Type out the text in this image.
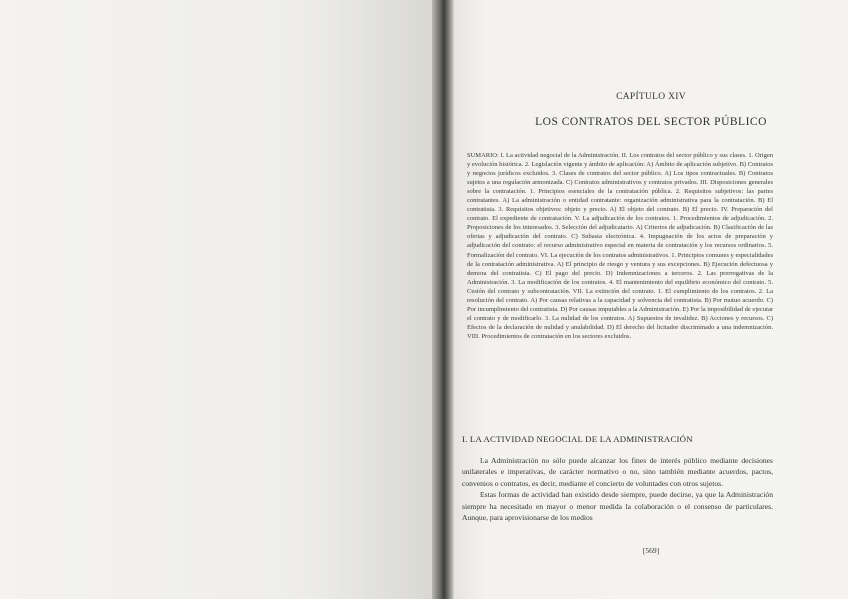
CAPÍTULO XIV
LOS CONTRATOS DEL SECTOR PÚBLICO
SUMARIO: I. La actividad negocial de la Administración. II. Los contratos del sector público y sus clases. 1. Origen y evolución histórica. 2. Legislación vigente y ámbito de aplicación: A) Ámbito de aplicación subjetivo. B) Contratos y negocios jurídicos excluidos. 3. Clases de contratos del sector público. A) Los tipos contractuales. B) Contratos sujetos a una regulación armonizada. C) Contratos administrativos y contratos privados. III. Disposiciones generales sobre la contratación. 1. Principios esenciales de la contratación pública. 2. Requisitos subjetivos: las partes contratantes. A) La administración o entidad contratante: organización administrativa para la contratación. B) El contratista. 3. Requisitos objetivos: objeto y precio. A) El objeto del contrato. B) El precio. IV. Preparación del contrato. El expediente de contratación. V. La adjudicación de los contratos. 1. Procedimientos de adjudicación. 2. Proposiciones de los interesados. 3. Selección del adjudicatario. A) Criterios de adjudicación. B) Clasificación de las ofertas y adjudicación del contrato. C) Subasta electrónica. 4. Impugnación de los actos de preparación y adjudicación del contrato: el recurso administrativo especial en materia de contratación y los recursos ordinarios. 5. Formalización del contrato. VI. La ejecución de los contratos administrativos. 1. Principios comunes y especialidades de la contratación administrativa. A) El principio de riesgo y ventura y sus excepciones. B) Ejecución defectuosa y demora del contratista. C) El pago del precio. D) Indemnizaciones a terceros. 2. Las prerrogativas de la Administración. 3. La modificación de los contratos. 4. El mantenimiento del equilibrio económico del contrato. 5. Cesión del contrato y subcontratación. VII. La extinción del contrato. 1. El cumplimiento de los contratos. 2. La resolución del contrato. A) Por causas relativas a la capacidad y solvencia del contratista. B) Por mutuo acuerdo. C) Por incumplimiento del contratista. D) Por causas imputables a la Administración. E) Por la imposibilidad de ejecutar el contrato y de modificarlo. 3. La nulidad de los contratos. A) Supuestos de invalidez. B) Acciones y recursos. C) Efectos de la declaración de nulidad y anulabilidad. D) El derecho del licitador discriminado a una indemnización. VIII. Procedimientos de contratación en los sectores excluidos.
I. LA ACTIVIDAD NEGOCIAL DE LA ADMINISTRACIÓN

La Administración no sólo puede alcanzar los fines de interés público mediante decisiones unilaterales e imperativas, de carácter normativo o no, sino también mediante acuerdos, pactos, convenios o contratos, es decir, mediante el concierto de voluntades con otros sujetos.

Estas formas de actividad han existido desde siempre, puede decirse, ya que la Administración siempre ha necesitado en mayor o menor medida la colaboración o el consenso de particulares. Aunque, para aprovisionarse de los medios

[569]
